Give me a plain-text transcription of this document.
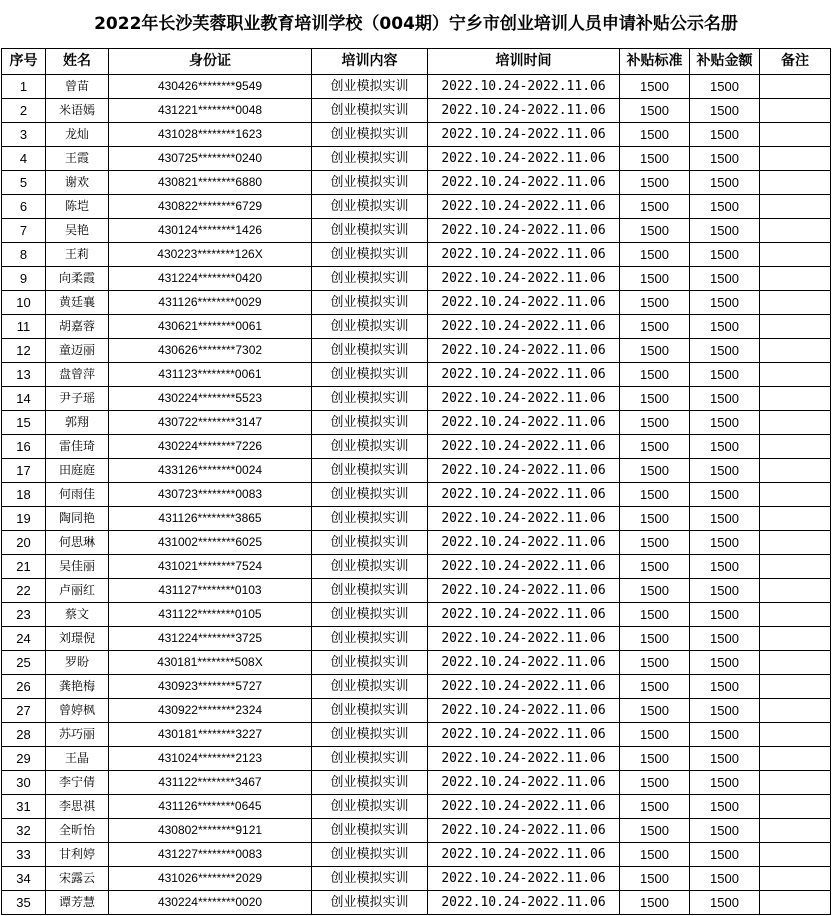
2022年长沙芙蓉职业教育培训学校（004期）宁乡市创业培训人员申请补贴公示名册
序号	姓名	身份证	培训内容	培训时间	补贴标准	补贴金额	备注
1	曾苗	430426********9549	创业模拟实训	2022.10.24-2022.11.06	1500	1500	
2	米语嫣	431221********0048	创业模拟实训	2022.10.24-2022.11.06	1500	1500	
3	龙灿	431028********1623	创业模拟实训	2022.10.24-2022.11.06	1500	1500	
4	王霞	430725********0240	创业模拟实训	2022.10.24-2022.11.06	1500	1500	
5	谢欢	430821********6880	创业模拟实训	2022.10.24-2022.11.06	1500	1500	
6	陈垲	430822********6729	创业模拟实训	2022.10.24-2022.11.06	1500	1500	
7	吴艳	430124********1426	创业模拟实训	2022.10.24-2022.11.06	1500	1500	
8	王莉	430223********126X	创业模拟实训	2022.10.24-2022.11.06	1500	1500	
9	向柔霞	431224********0420	创业模拟实训	2022.10.24-2022.11.06	1500	1500	
10	黄廷襄	431126********0029	创业模拟实训	2022.10.24-2022.11.06	1500	1500	
11	胡嘉蓉	430621********0061	创业模拟实训	2022.10.24-2022.11.06	1500	1500	
12	童迈丽	430626********7302	创业模拟实训	2022.10.24-2022.11.06	1500	1500	
13	盘曾萍	431123********0061	创业模拟实训	2022.10.24-2022.11.06	1500	1500	
14	尹子瑶	430224********5523	创业模拟实训	2022.10.24-2022.11.06	1500	1500	
15	郭翔	430722********3147	创业模拟实训	2022.10.24-2022.11.06	1500	1500	
16	雷佳琦	430224********7226	创业模拟实训	2022.10.24-2022.11.06	1500	1500	
17	田庭庭	433126********0024	创业模拟实训	2022.10.24-2022.11.06	1500	1500	
18	何雨佳	430723********0083	创业模拟实训	2022.10.24-2022.11.06	1500	1500	
19	陶同艳	431126********3865	创业模拟实训	2022.10.24-2022.11.06	1500	1500	
20	何思琳	431002********6025	创业模拟实训	2022.10.24-2022.11.06	1500	1500	
21	吴佳丽	431021********7524	创业模拟实训	2022.10.24-2022.11.06	1500	1500	
22	卢丽红	431127********0103	创业模拟实训	2022.10.24-2022.11.06	1500	1500	
23	蔡文	431122********0105	创业模拟实训	2022.10.24-2022.11.06	1500	1500	
24	刘璟倪	431224********3725	创业模拟实训	2022.10.24-2022.11.06	1500	1500	
25	罗盼	430181********508X	创业模拟实训	2022.10.24-2022.11.06	1500	1500	
26	龚艳梅	430923********5727	创业模拟实训	2022.10.24-2022.11.06	1500	1500	
27	曾婷枫	430922********2324	创业模拟实训	2022.10.24-2022.11.06	1500	1500	
28	苏巧丽	430181********3227	创业模拟实训	2022.10.24-2022.11.06	1500	1500	
29	王晶	431024********2123	创业模拟实训	2022.10.24-2022.11.06	1500	1500	
30	李宁倩	431122********3467	创业模拟实训	2022.10.24-2022.11.06	1500	1500	
31	李思祺	431126********0645	创业模拟实训	2022.10.24-2022.11.06	1500	1500	
32	全昕怡	430802********9121	创业模拟实训	2022.10.24-2022.11.06	1500	1500	
33	甘利婷	431227********0083	创业模拟实训	2022.10.24-2022.11.06	1500	1500	
34	宋露云	431026********2029	创业模拟实训	2022.10.24-2022.11.06	1500	1500	
35	谭芳慧	430224********0020	创业模拟实训	2022.10.24-2022.11.06	1500	1500	
